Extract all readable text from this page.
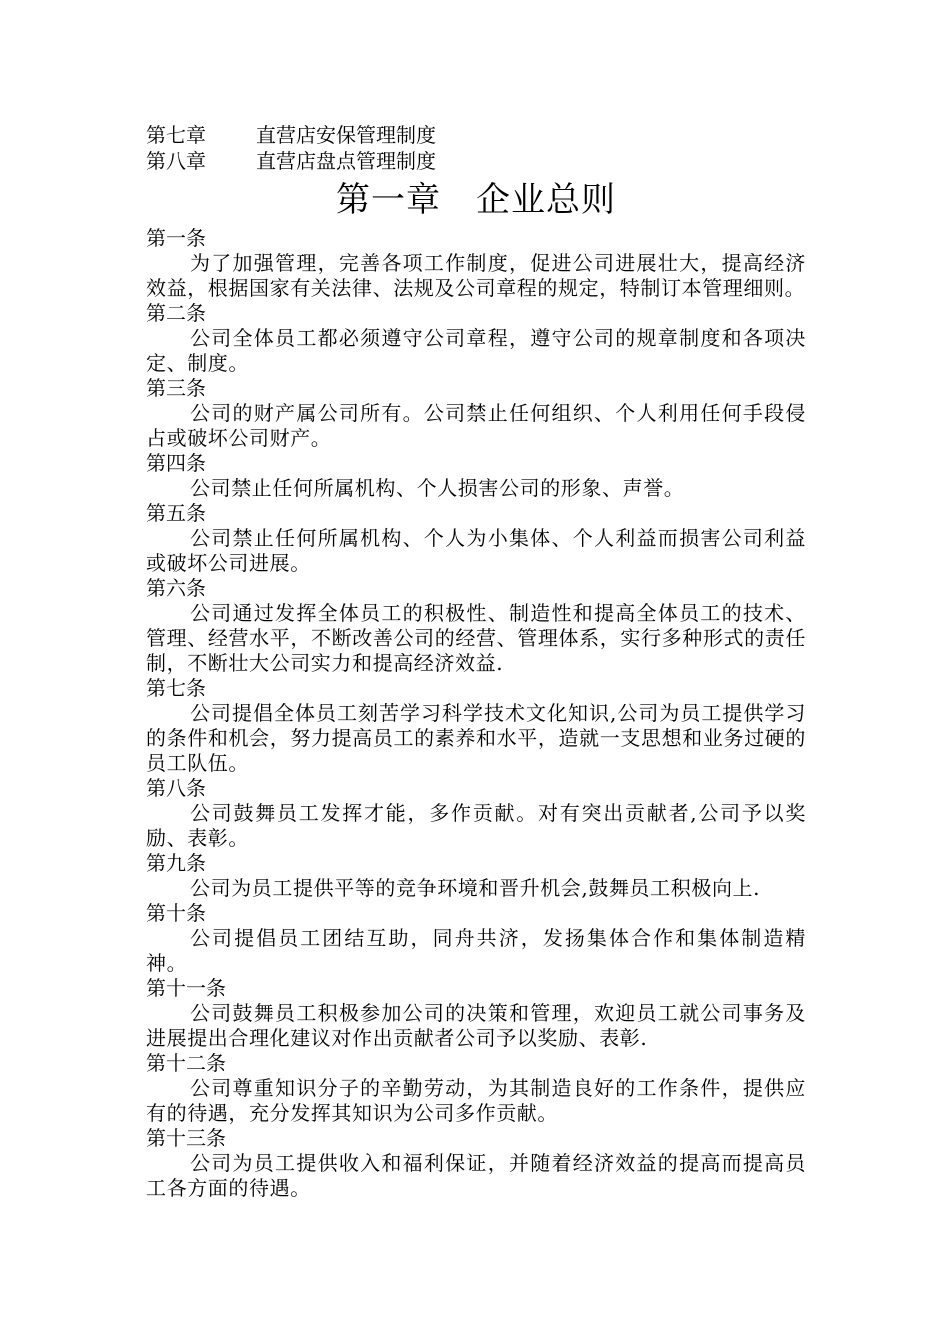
第七章	直营店安保管理制度
第八章	直营店盘点管理制度
第一章　企业总则
第一条
为了加强管理，完善各项工作制度，促进公司进展壮大，提高经济效益，根据国家有关法律、法规及公司章程的规定，特制订本管理细则。
第二条
公司全体员工都必须遵守公司章程，遵守公司的规章制度和各项决定、制度。
第三条
公司的财产属公司所有。公司禁止任何组织、个人利用任何手段侵占或破坏公司财产。
第四条
公司禁止任何所属机构、个人损害公司的形象、声誉。
第五条
公司禁止任何所属机构、个人为小集体、个人利益而损害公司利益或破坏公司进展。
第六条
公司通过发挥全体员工的积极性、制造性和提高全体员工的技术、管理、经营水平，不断改善公司的经营、管理体系，实行多种形式的责任制，不断壮大公司实力和提高经济效益.
第七条
公司提倡全体员工刻苦学习科学技术文化知识,公司为员工提供学习的条件和机会，努力提高员工的素养和水平，造就一支思想和业务过硬的员工队伍。
第八条
公司鼓舞员工发挥才能，多作贡献。对有突出贡献者,公司予以奖励、表彰。
第九条
公司为员工提供平等的竞争环境和晋升机会,鼓舞员工积极向上.
第十条
公司提倡员工团结互助，同舟共济，发扬集体合作和集体制造精神。
第十一条
公司鼓舞员工积极参加公司的决策和管理，欢迎员工就公司事务及进展提出合理化建议对作出贡献者公司予以奖励、表彰.
第十二条
公司尊重知识分子的辛勤劳动，为其制造良好的工作条件，提供应有的待遇，充分发挥其知识为公司多作贡献。
第十三条
公司为员工提供收入和福利保证，并随着经济效益的提高而提高员工各方面的待遇。
